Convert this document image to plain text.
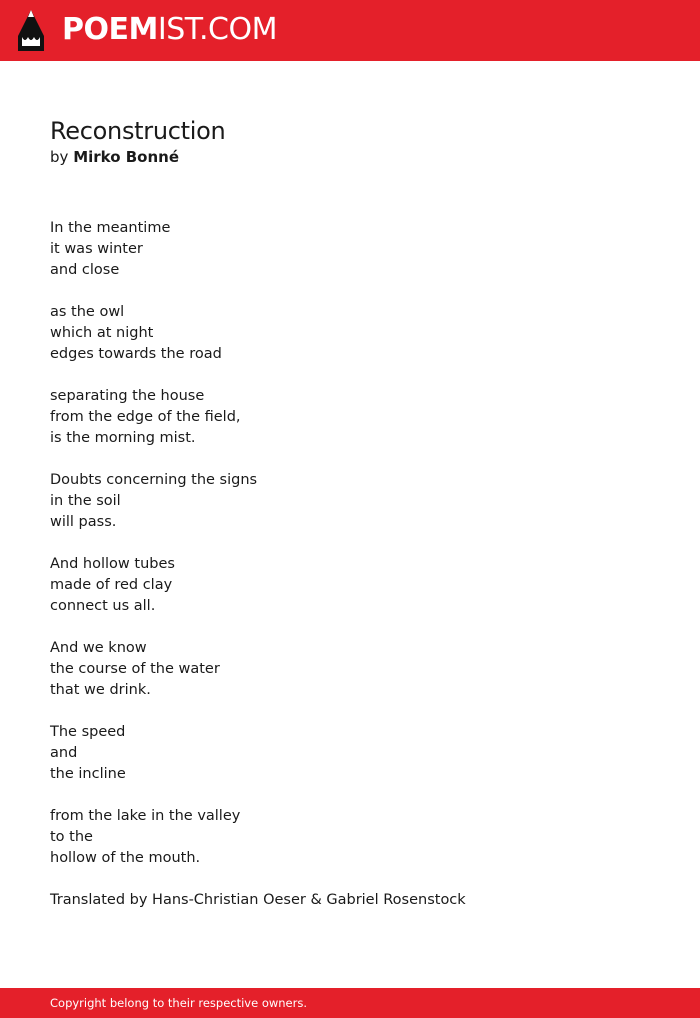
POEMIST.COM
Reconstruction
by Mirko Bonné
In the meantime
it was winter
and close
as the owl
which at night
edges towards the road
separating the house
from the edge of the field,
is the morning mist.
Doubts concerning the signs
in the soil
will pass.
And hollow tubes
made of red clay
connect us all.
And we know
the course of the water
that we drink.
The speed
and
the incline
from the lake in the valley
to the
hollow of the mouth.
Translated by Hans-Christian Oeser & Gabriel Rosenstock
Copyright belong to their respective owners.
